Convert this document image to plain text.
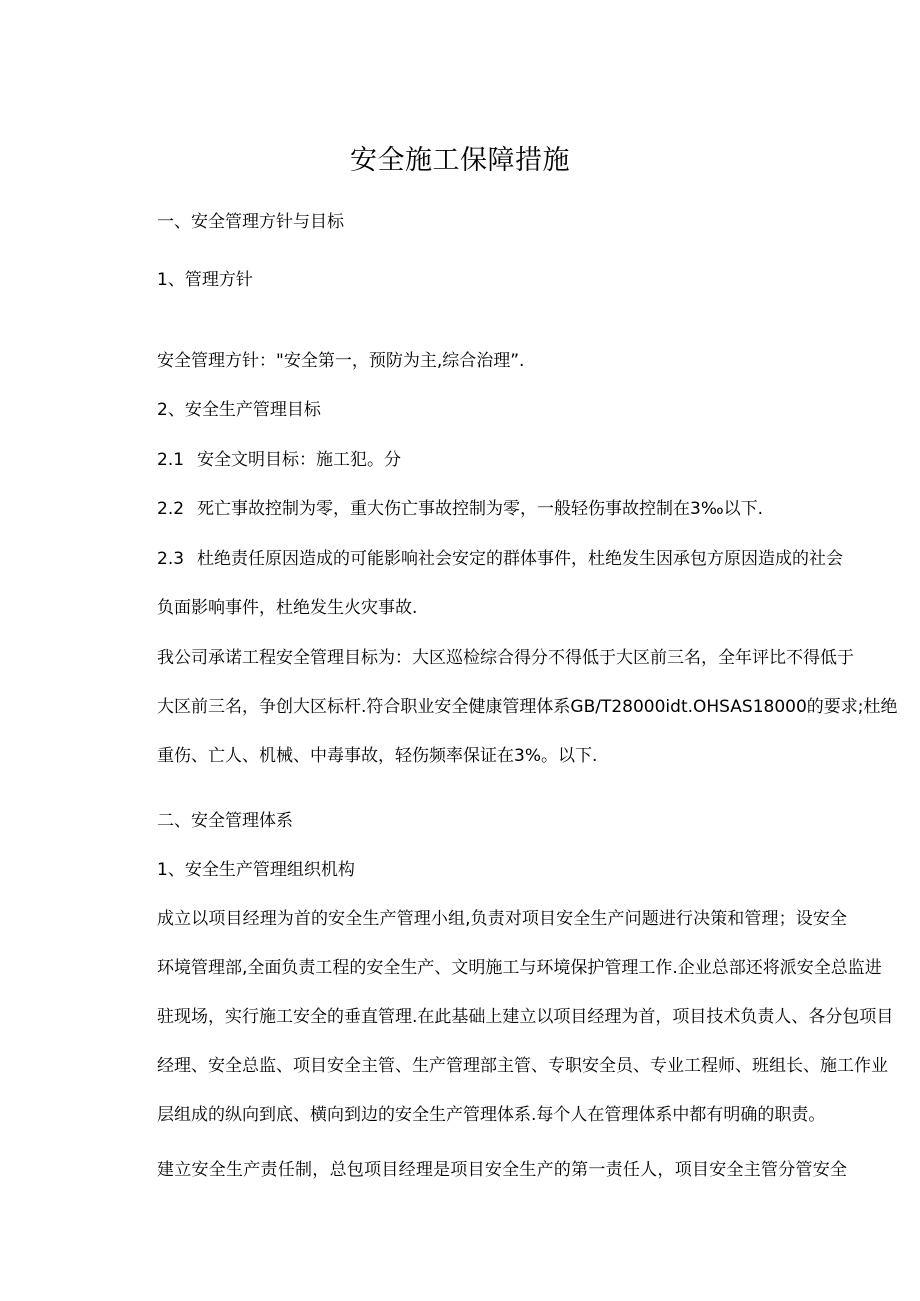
安全施工保障措施
一、安全管理方针与目标
1、管理方针
安全管理方针："安全第一，预防为主,综合治理”.
2、安全生产管理目标
2.1 安全文明目标：施工犯。分
2.2 死亡事故控制为零，重大伤亡事故控制为零，一般轻伤事故控制在3‰以下.
2.3 杜绝责任原因造成的可能影响社会安定的群体事件，杜绝发生因承包方原因造成的社会
负面影响事件，杜绝发生火灾事故.
我公司承诺工程安全管理目标为：大区巡检综合得分不得低于大区前三名，全年评比不得低于
大区前三名，争创大区标杆.符合职业安全健康管理体系GB/T28000idt.OHSAS18000的要求;杜绝
重伤、亡人、机械、中毒事故，轻伤频率保证在3%。以下.
二、安全管理体系
1、安全生产管理组织机构
成立以项目经理为首的安全生产管理小组,负责对项目安全生产问题进行决策和管理；设安全
环境管理部,全面负责工程的安全生产、文明施工与环境保护管理工作.企业总部还将派安全总监进
驻现场，实行施工安全的垂直管理.在此基础上建立以项目经理为首，项目技术负责人、各分包项目
经理、安全总监、项目安全主管、生产管理部主管、专职安全员、专业工程师、班组长、施工作业
层组成的纵向到底、横向到边的安全生产管理体系.每个人在管理体系中都有明确的职责。
建立安全生产责任制，总包项目经理是项目安全生产的第一责任人，项目安全主管分管安全
